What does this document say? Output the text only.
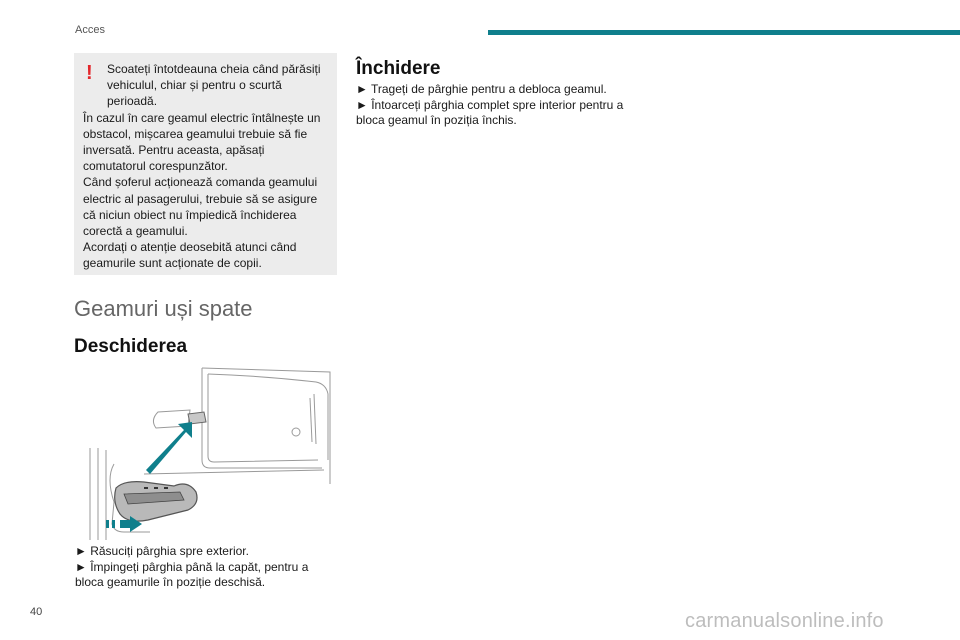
Acces
!	Scoateți întotdeauna cheia când părăsiți vehiculul, chiar și pentru o scurtă perioadă.

În cazul în care geamul electric întâlnește un obstacol, mișcarea geamului trebuie să fie inversată. Pentru aceasta, apăsați comutatorul corespunzător.

Când șoferul acționează comanda geamului electric al pasagerului, trebuie să se asigure că niciun obiect nu împiedică închiderea corectă a geamului.

Acordați o atenție deosebită atunci când geamurile sunt acționate de copii.

Geamuri uși spate
Deschiderea

► Răsuciți pârghia spre exterior.

► Împingeți pârghia până la capăt, pentru a bloca geamurile în poziție deschisă.

Închidere

► Trageți de pârghie pentru a debloca geamul.

► Întoarceți pârghia complet spre interior pentru a bloca geamul în poziția închis.

40	carmanualsonline.info
